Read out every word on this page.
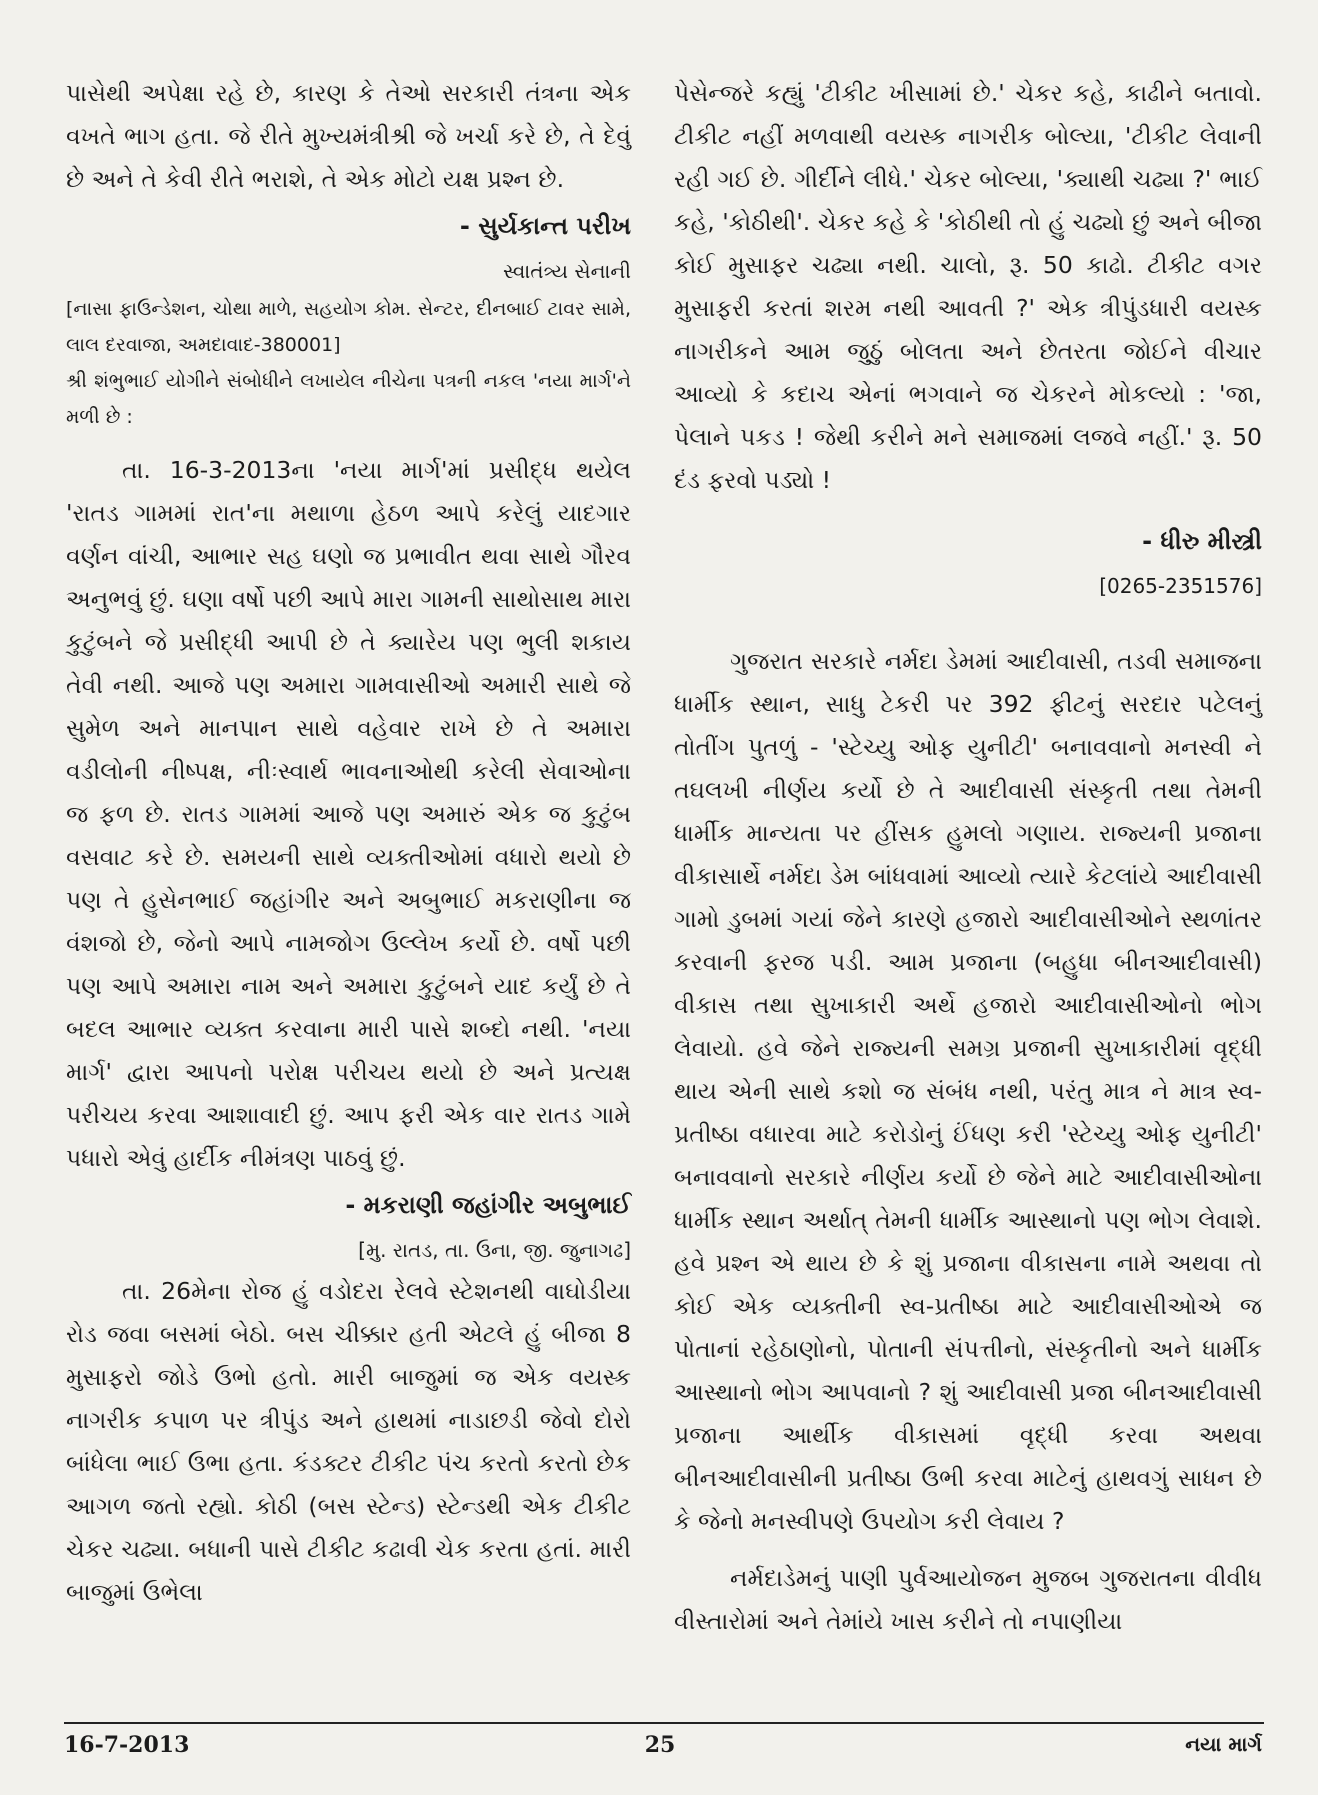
પાસેથી અપેક્ષા રહે છે, કારણ કે તેઓ સરકારી તંત્રના એક વખતે ભાગ હતા. જે રીતે મુખ્યમંત્રીશ્રી જે ખર્ચા કરે છે, તે દેવું છે અને તે કેવી રીતે ભરાશે, તે એક મોટો યક્ષ પ્રશ્ન છે.

- સુર્યકાન્ત પરીખ

સ્વાતંત્ર્ય સેનાની

[નાસા ફાઉન્ડેશન, ચોથા માળે, સહયોગ કોમ. સેન્ટર, દીનબાઈ ટાવર સામે, લાલ દરવાજા, અમદાવાદ-380001]

શ્રી શંભુભાઈ યોગીને સંબોધીને લખાયેલ નીચેના પત્રની નકલ 'નયા માર્ગ'ને મળી છે :

તા. 16-3-2013ના 'નયા માર્ગ'માં પ્રસીદ્ધ થયેલ 'રાતડ ગામમાં રાત'ના મથાળા હેઠળ આપે કરેલું યાદગાર વર્ણન વાંચી, આભાર સહ ઘણો જ પ્રભાવીત થવા સાથે ગૌરવ અનુભવું છું. ઘણા વર્ષો પછી આપે મારા ગામની સાથોસાથ મારા કુટુંબને જે પ્રસીદ્ધી આપી છે તે ક્યારેય પણ ભુલી શકાય તેવી નથી. આજે પણ અમારા ગામવાસીઓ અમારી સાથે જે સુમેળ અને માનપાન સાથે વહેવાર રાખે છે તે અમારા વડીલોની નીષ્પક્ષ, નીઃસ્વાર્થ ભાવનાઓથી કરેલી સેવાઓના જ ફળ છે. રાતડ ગામમાં આજે પણ અમારું એક જ કુટુંબ વસવાટ કરે છે. સમયની સાથે વ્યક્તીઓમાં વધારો થયો છે પણ તે હુસેનભાઈ જહાંગીર અને અબુભાઈ મકરાણીના જ વંશજો છે, જેનો આપે નામજોગ ઉલ્લેખ કર્યો છે. વર્ષો પછી પણ આપે અમારા નામ અને અમારા કુટુંબને યાદ કર્યું છે તે બદલ આભાર વ્યક્ત કરવાના મારી પાસે શબ્દો નથી. 'નયા માર્ગ' દ્વારા આપનો પરોક્ષ પરીચય થયો છે અને પ્રત્યક્ષ પરીચય કરવા આશાવાદી છું. આપ ફરી એક વાર રાતડ ગામે પધારો એવું હાર્દીક નીમંત્રણ પાઠવું છું.

- મકરાણી જહાંગીર અબુભાઈ

[મુ. રાતડ, તા. ઉના, જી. જુનાગઢ]

તા. 26મેના રોજ હું વડોદરા રેલવે સ્ટેશનથી વાઘોડીયા રોડ જવા બસમાં બેઠો. બસ ચીક્કાર હતી એટલે હું બીજા 8 મુસાફરો જોડે ઉભો હતો. મારી બાજુમાં જ એક વયસ્ક નાગરીક કપાળ પર ત્રીપુંડ અને હાથમાં નાડાછડી જેવો દોરો બાંધેલા ભાઈ ઉભા હતા. કંડક્ટર ટીકીટ પંચ કરતો કરતો છેક આગળ જતો રહ્યો. કોઠી (બસ સ્ટેન્ડ) સ્ટેન્ડથી એક ટીકીટ ચેકર ચઢ્યા. બધાની પાસે ટીકીટ કઢાવી ચેક કરતા હતાં. મારી બાજુમાં ઉભેલા

પેસેન્જરે કહ્યું 'ટીકીટ ખીસામાં છે.' ચેકર કહે, કાઢીને બતાવો. ટીકીટ નહીં મળવાથી વયસ્ક નાગરીક બોલ્યા, 'ટીકીટ લેવાની રહી ગઈ છે. ગીર્દીને લીધે.' ચેકર બોલ્યા, 'ક્યાથી ચઢ્યા ?' ભાઈ કહે, 'કોઠીથી'. ચેકર કહે કે 'કોઠીથી તો હું ચઢ્યો છું અને બીજા કોઈ મુસાફર ચઢ્યા નથી. ચાલો, રૂ. 50 કાઢો. ટીકીટ વગર મુસાફરી કરતાં શરમ નથી આવતી ?' એક ત્રીપુંડધારી વયસ્ક નાગરીકને આમ જુઠું બોલતા અને છેતરતા જોઈને વીચાર આવ્યો કે કદાચ એનાં ભગવાને જ ચેકરને મોકલ્યો : 'જા, પેલાને પકડ ! જેથી કરીને મને સમાજમાં લજવે નહીં.' રૂ. 50 દંડ ફરવો પડ્યો !

- ધીરુ મીસ્ત્રી

[0265-2351576]

ગુજરાત સરકારે નર્મદા ડેમમાં આદીવાસી, તડવી સમાજના ધાર્મીક સ્થાન, સાધુ ટેકરી પર 392 ફીટનું સરદાર પટેલનું તોતીંગ પુતળું - 'સ્ટેચ્યુ ઓફ યુનીટી' બનાવવાનો મનસ્વી ને તઘલખી નીર્ણય કર્યો છે તે આદીવાસી સંસ્કૃતી તથા તેમની ધાર્મીક માન્યતા પર હીંસક હુમલો ગણાય. રાજ્યની પ્રજાના વીકાસાર્થે નર્મદા ડેમ બાંધવામાં આવ્યો ત્યારે કેટલાંયે આદીવાસી ગામો ડુબમાં ગયાં જેને કારણે હજારો આદીવાસીઓને સ્થળાંતર કરવાની ફરજ પડી. આમ પ્રજાના (બહુધા બીનઆદીવાસી) વીકાસ તથા સુખાકારી અર્થે હજારો આદીવાસીઓનો ભોગ લેવાયો. હવે જેને રાજ્યની સમગ્ર પ્રજાની સુખાકારીમાં વૃદ્ધી થાય એની સાથે કશો જ સંબંધ નથી, પરંતુ માત્ર ને માત્ર સ્વ-પ્રતીષ્ઠા વધારવા માટે કરોડોનું ઈંધણ કરી 'સ્ટેચ્યુ ઓફ યુનીટી' બનાવવાનો સરકારે નીર્ણય કર્યો છે જેને માટે આદીવાસીઓના ધાર્મીક સ્થાન અર્થાત્ તેમની ધાર્મીક આસ્થાનો પણ ભોગ લેવાશે. હવે પ્રશ્ન એ થાય છે કે શું પ્રજાના વીકાસના નામે અથવા તો કોઈ એક વ્યક્તીની સ્વ-પ્રતીષ્ઠા માટે આદીવાસીઓએ જ પોતાનાં રહેઠાણોનો, પોતાની સંપત્તીનો, સંસ્કૃતીનો અને ધાર્મીક આસ્થાનો ભોગ આપવાનો ? શું આદીવાસી પ્રજા બીનઆદીવાસી પ્રજાના આર્થીક વીકાસમાં વૃદ્ધી કરવા અથવા બીનઆદીવાસીની પ્રતીષ્ઠા ઉભી કરવા માટેનું હાથવગું સાધન છે કે જેનો મનસ્વીપણે ઉપયોગ કરી લેવાય ?

નર્મદાડેમનું પાણી પુર્વઆયોજન મુજબ ગુજરાતના વીવીધ વીસ્તારોમાં અને તેમાંયે ખાસ કરીને તો નપાણીયા

16-7-2013	25	નયા માર્ગ
